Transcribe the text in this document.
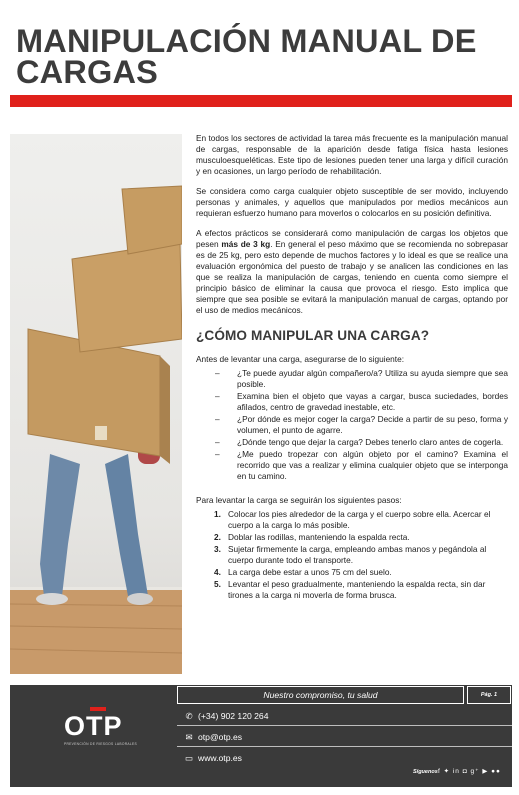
MANIPULACIÓN MANUAL DE
CARGAS

En todos los sectores de actividad la tarea más frecuente es la manipulación manual de cargas, responsable de la aparición desde fatiga física hasta lesiones musculoesqueléticas. Este tipo de lesiones pueden tener una larga y difícil curación y en ocasiones, un largo período de rehabilitación.

Se considera como carga cualquier objeto susceptible de ser movido, incluyendo personas y animales, y aquellos que manipulados por medios mecánicos aun requieran esfuerzo humano para moverlos o colocarlos en su posición definitiva.

A efectos prácticos se considerará como manipulación de cargas los objetos que pesen más de 3 kg. En general el peso máximo que se recomienda no sobrepasar es de 25 kg, pero esto depende de muchos factores y lo ideal es que se realice una evaluación ergonómica del puesto de trabajo y se analicen las condiciones en las que se realiza la manipulación de cargas, teniendo en cuenta como siempre el principio básico de eliminar la causa que provoca el riesgo. Esto implica que siempre que sea posible se evitará la manipulación manual de cargas, optando por el uso de medios mecánicos.

¿CÓMO MANIPULAR UNA CARGA?

Antes de levantar una carga, asegurarse de lo siguiente:

– ¿Te puede ayudar algún compañero/a? Utiliza su ayuda siempre que sea posible.
– Examina bien el objeto que vayas a cargar, busca suciedades, bordes afilados, centro de gravedad inestable, etc.
– ¿Por dónde es mejor coger la carga? Decide a partir de su peso, forma y volumen, el punto de agarre.
– ¿Dónde tengo que dejar la carga? Debes tenerlo claro antes de cogerla.
– ¿Me puedo tropezar con algún objeto por el camino? Examina el recorrido que vas a realizar y elimina cualquier objeto que se interponga en tu camino.

Para levantar la carga se seguirán los siguientes pasos:

1. Colocar los pies alrededor de la carga y el cuerpo sobre ella. Acercar el cuerpo a la carga lo más posible.
2. Doblar las rodillas, manteniendo la espalda recta.
3. Sujetar firmemente la carga, empleando ambas manos y pegándola al cuerpo durante todo el transporte.
4. La carga debe estar a unos 75 cm del suelo.
5. Levantar el peso gradualmente, manteniendo la espalda recta, sin dar tirones a la carga ni moverla de forma brusca.
OTP
PREVENCIÓN DE RIESGOS LABORALES
Nuestro compromiso, tu salud	Pág. 1
✆ (+34) 902 120 264
✉ otp@otp.es
▭ www.otp.es
Síguenos f ✦ in ◘ g⁺ ▶ ●●
